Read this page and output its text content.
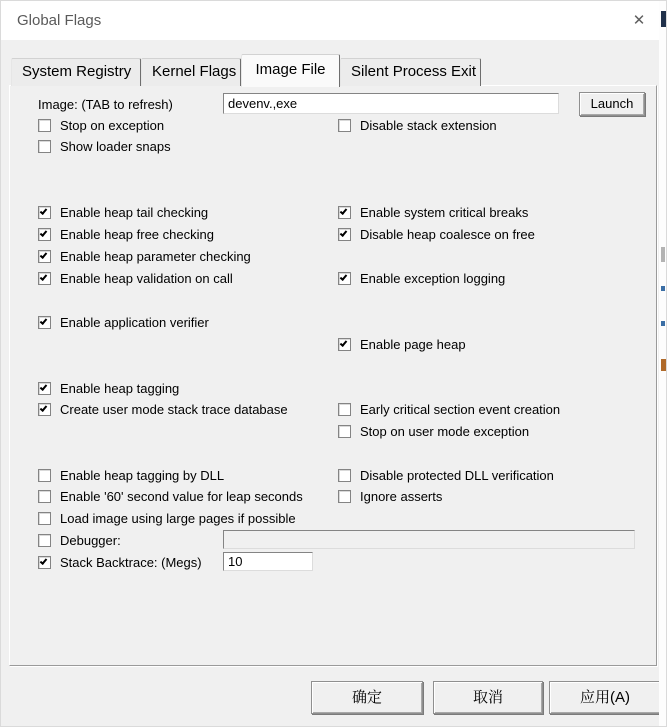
Global Flags	✕
System Registry	Kernel Flags	Image File	Silent Process Exit
Image: (TAB to refresh)
devenv.,exe	Launch
Stop on exception	Disable stack extension
Show loader snaps
Enable heap tail checking	Enable system critical breaks
Enable heap free checking	Disable heap coalesce on free
Enable heap parameter checking
Enable heap validation on call	Enable exception logging
Enable application verifier
Enable page heap
Enable heap tagging
Create user mode stack trace database	Early critical section event creation
Stop on user mode exception
Enable heap tagging by DLL	Disable protected DLL verification
Enable '60' second value for leap seconds	Ignore asserts
Load image using large pages if possible
Debugger:
Stack Backtrace: (Megs)
10
确定	取消	应用(A)
